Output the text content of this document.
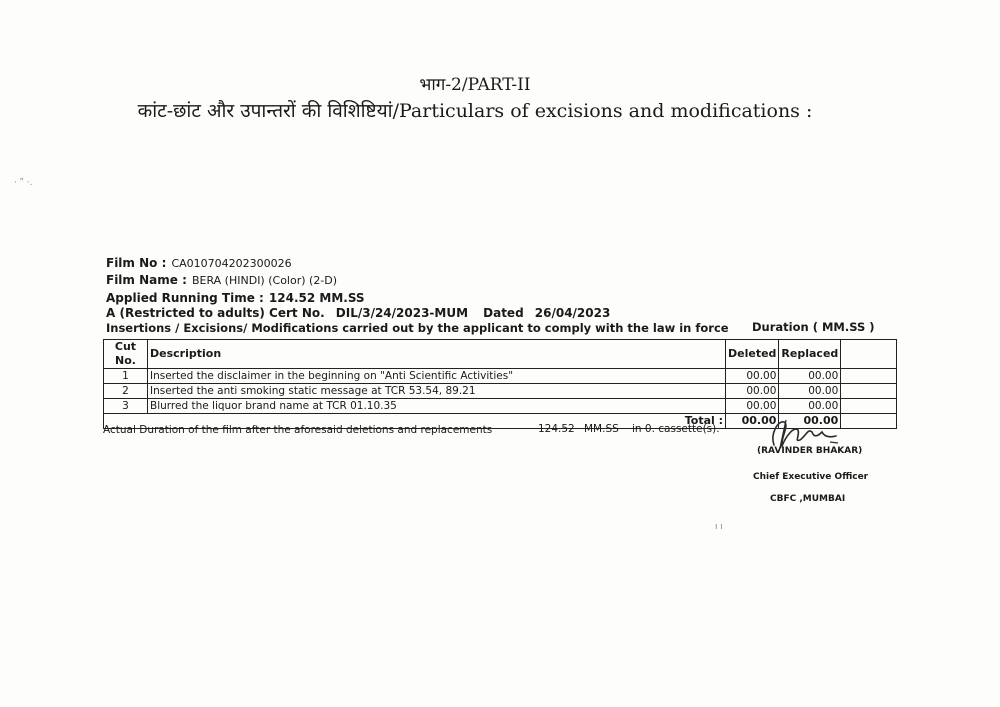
भाग-2/PART-II
कांट-छांट और उपान्तरों की विशिष्टियां/Particulars of excisions and modifications :
· ʺ ·.
ı ı
Film No : CA010704202300026
Film Name : BERA (HINDI) (Color) (2-D)
Applied Running Time : 124.52 MM.SS
A (Restricted to adults) Cert No. DIL/3/24/2023-MUM Dated 26/04/2023
Insertions / Excisions/ Modifications carried out by the applicant to comply with the law in force Duration ( MM.SS )
Cut No.	Description	Deleted	Replaced	
1	Inserted the disclaimer in the beginning on "Anti Scientific Activities"	00.00	00.00	
2	Inserted the anti smoking static message at TCR 53.54, 89.21	00.00	00.00	
3	Blurred the liquor brand name at TCR 01.10.35	00.00	00.00	
Total :		00.00	00.00	
Actual Duration of the film after the aforesaid deletions and replacements	124.52 MM.SS in 0. cassette(s).
(RAVINDER BHAKAR)
Chief Executive Officer
CBFC ,MUMBAI
